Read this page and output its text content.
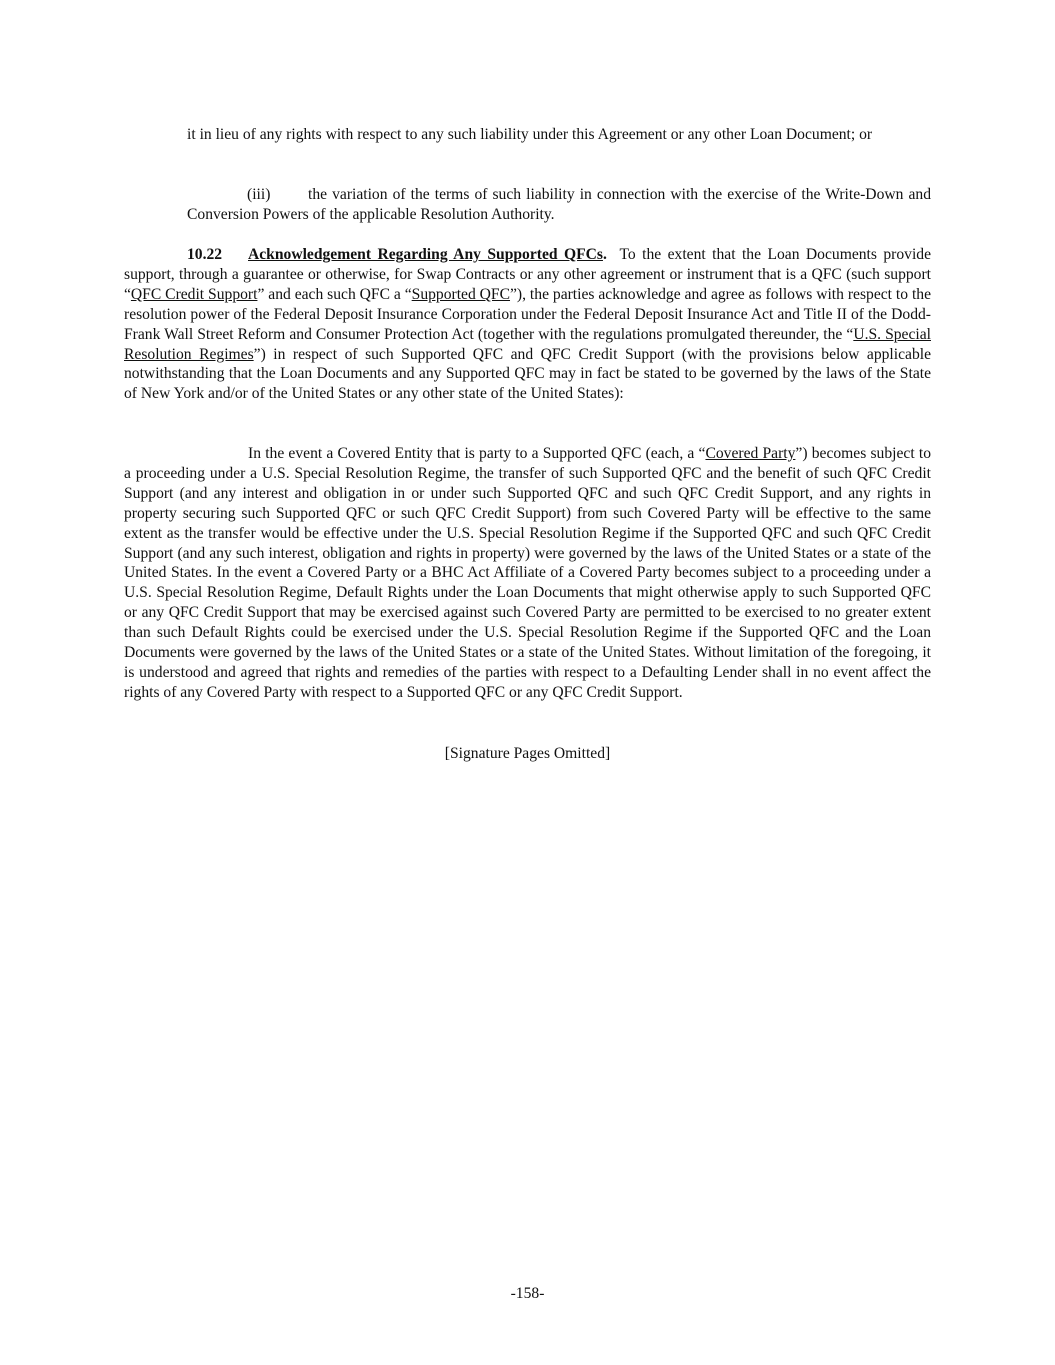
it in lieu of any rights with respect to any such liability under this Agreement or any other Loan Document; or

(iii) the variation of the terms of such liability in connection with the exercise of the Write-Down and Conversion Powers of the applicable Resolution Authority.

10.22 Acknowledgement Regarding Any Supported QFCs. To the extent that the Loan Documents provide support, through a guarantee or otherwise, for Swap Contracts or any other agreement or instrument that is a QFC (such support “QFC Credit Support” and each such QFC a “Supported QFC”), the parties acknowledge and agree as follows with respect to the resolution power of the Federal Deposit Insurance Corporation under the Federal Deposit Insurance Act and Title II of the Dodd-Frank Wall Street Reform and Consumer Protection Act (together with the regulations promulgated thereunder, the “U.S. Special Resolution Regimes”) in respect of such Supported QFC and QFC Credit Support (with the provisions below applicable notwithstanding that the Loan Documents and any Supported QFC may in fact be stated to be governed by the laws of the State of New York and/or of the United States or any other state of the United States):

In the event a Covered Entity that is party to a Supported QFC (each, a “Covered Party”) becomes subject to a proceeding under a U.S. Special Resolution Regime, the transfer of such Supported QFC and the benefit of such QFC Credit Support (and any interest and obligation in or under such Supported QFC and such QFC Credit Support, and any rights in property securing such Supported QFC or such QFC Credit Support) from such Covered Party will be effective to the same extent as the transfer would be effective under the U.S. Special Resolution Regime if the Supported QFC and such QFC Credit Support (and any such interest, obligation and rights in property) were governed by the laws of the United States or a state of the United States. In the event a Covered Party or a BHC Act Affiliate of a Covered Party becomes subject to a proceeding under a U.S. Special Resolution Regime, Default Rights under the Loan Documents that might otherwise apply to such Supported QFC or any QFC Credit Support that may be exercised against such Covered Party are permitted to be exercised to no greater extent than such Default Rights could be exercised under the U.S. Special Resolution Regime if the Supported QFC and the Loan Documents were governed by the laws of the United States or a state of the United States. Without limitation of the foregoing, it is understood and agreed that rights and remedies of the parties with respect to a Defaulting Lender shall in no event affect the rights of any Covered Party with respect to a Supported QFC or any QFC Credit Support.

[Signature Pages Omitted]
-158-
